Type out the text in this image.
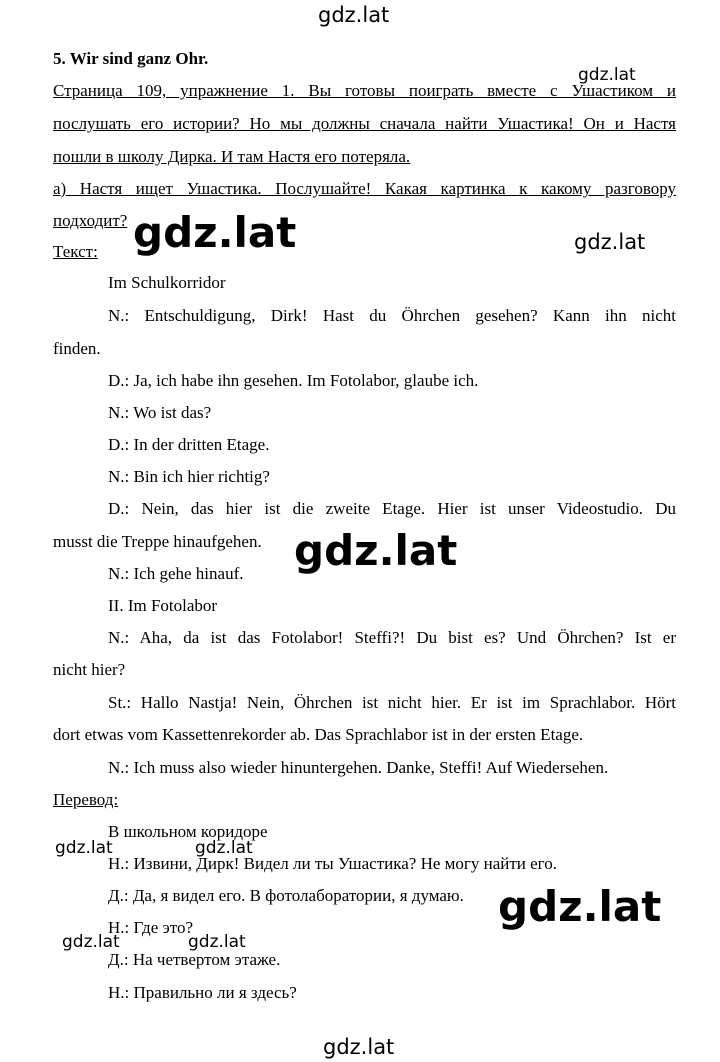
gdz.lat
gdz.lat
gdz.lat	gdz.lat
gdz.lat
gdz.lat	gdz.lat
gdz.lat
gdz.lat	gdz.lat
gdz.lat
5. Wir sind ganz Ohr.
Страница 109, упражнение 1. Вы готовы поиграть вместе с Ушастиком и
послушать его истории? Но мы должны сначала найти Ушастика! Он и Настя
пошли в школу Дирка. И там Настя его потеряла.
а) Настя ищет Ушастика. Послушайте! Какая картинка к какому разговору
подходит?
Текст:
Im Schulkorridor
N.: Entschuldigung, Dirk! Hast du Öhrchen gesehen? Kann ihn nicht
finden.
D.: Ja, ich habe ihn gesehen. Im Fotolabor, glaube ich.
N.: Wo ist das?
D.: In der dritten Etage.
N.: Bin ich hier richtig?
D.: Nein, das hier ist die zweite Etage. Hier ist unser Videostudio. Du
musst die Treppe hinaufgehen.
N.: Ich gehe hinauf.
II. Im Fotolabor
N.: Aha, da ist das Fotolabor! Steffi?! Du bist es? Und Öhrchen? Ist er
nicht hier?
St.: Hallo Nastja! Nein, Öhrchen ist nicht hier. Er ist im Sprachlabor. Hört
dort etwas vom Kassettenrekorder ab. Das Sprachlabor ist in der ersten Etage.
N.: Ich muss also wieder hinuntergehen. Danke, Steffi! Auf Wiedersehen.
Перевод:
В школьном коридоре
Н.: Извини, Дирк! Видел ли ты Ушастика? Не могу найти его.
Д.: Да, я видел его. В фотолаборатории, я думаю.
Н.: Где это?
Д.: На четвертом этаже.
Н.: Правильно ли я здесь?
